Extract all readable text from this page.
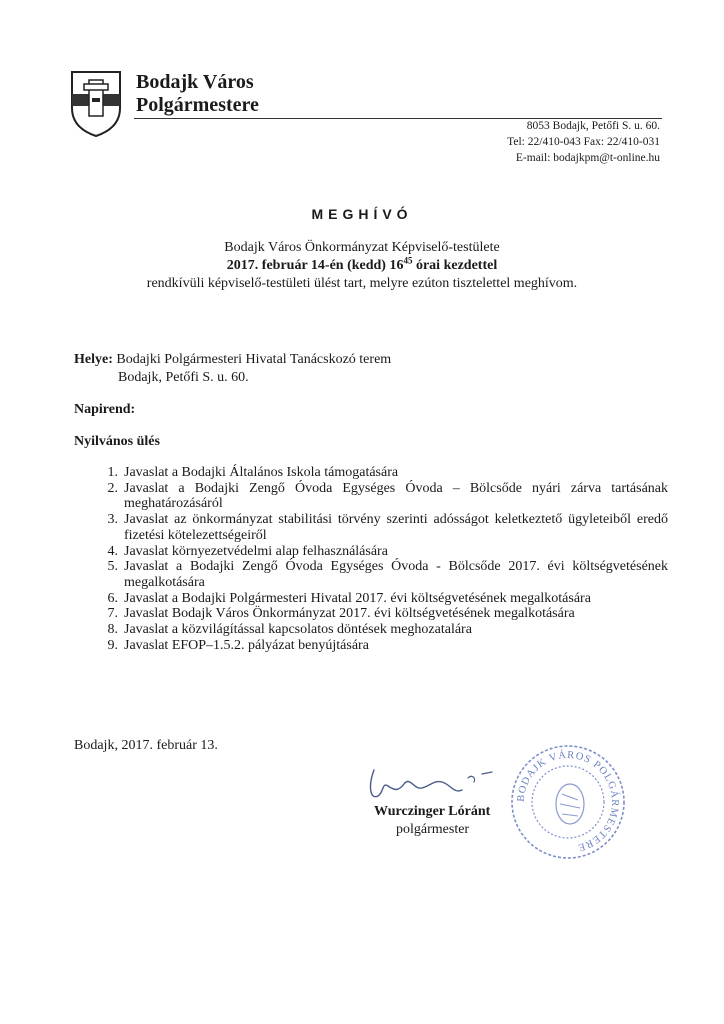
Bodajk Város
Polgármestere
8053 Bodajk, Petőfi S. u. 60.
Tel: 22/410-043 Fax: 22/410-031
E-mail: bodajkpm@t-online.hu
MEGHÍVÓ
Bodajk Város Önkormányzat Képviselő-testülete
2017. február 14-én (kedd) $16^{45}$ órai kezdettel
rendkívüli képviselő-testületi ülést tart, melyre ezúton tisztelettel meghívom.
Helye: Bodajki Polgármesteri Hivatal Tanácskozó terem
Bodajk, Petőfi S. u. 60.
Napirend:
Nyilvános ülés
1. Javaslat a Bodajki Általános Iskola támogatására
2. Javaslat a Bodajki Zengő Óvoda Egységes Óvoda – Bölcsőde nyári zárva tartásának meghatározásáról
3. Javaslat az önkormányzat stabilitási törvény szerinti adósságot keletkeztető ügyleteiből eredő fizetési kötelezettségeiről
4. Javaslat környezetvédelmi alap felhasználására
5. Javaslat a Bodajki Zengő Óvoda Egységes Óvoda - Bölcsőde 2017. évi költségvetésének megalkotására
6. Javaslat a Bodajki Polgármesteri Hivatal 2017. évi költségvetésének megalkotására
7. Javaslat Bodajk Város Önkormányzat 2017. évi költségvetésének megalkotására
8. Javaslat a közvilágítással kapcsolatos döntések meghozatalára
9. Javaslat EFOP–1.5.2. pályázat benyújtására
Bodajk, 2017. február 13.
BODAJK VÁROS POLGÁRMESTERE
Wurczinger Lóránt
polgármester
